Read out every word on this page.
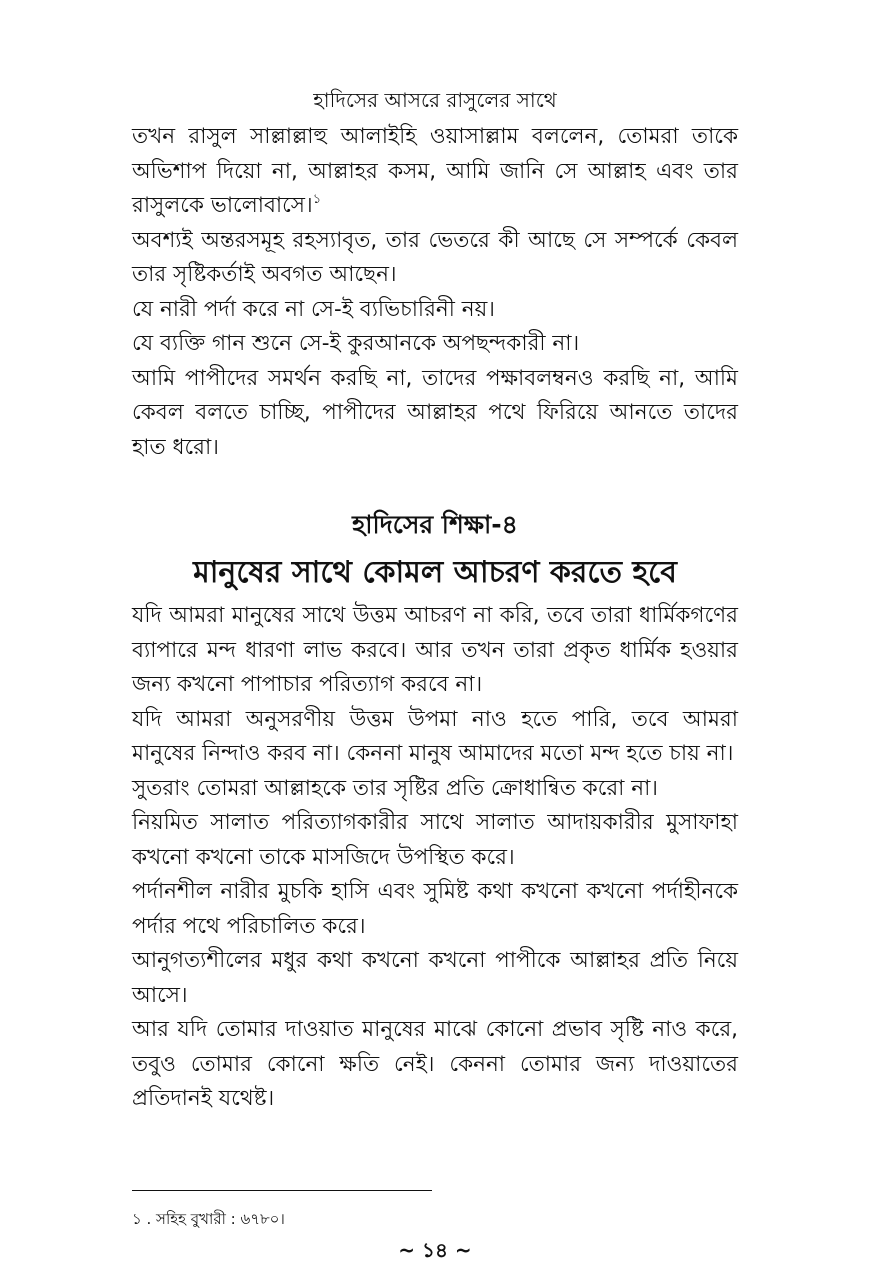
হাদিসের আসরে রাসুলের সাথে

তখন রাসুল সাল্লাল্লাহু আলাইহি ওয়াসাল্লাম বললেন, তোমরা তাকে অভিশাপ দিয়ো না, আল্লাহর কসম, আমি জানি সে আল্লাহ এবং তার রাসুলকে ভালোবাসে।$^১$

অবশ্যই অন্তরসমূহ রহস্যাবৃত, তার ভেতরে কী আছে সে সম্পর্কে কেবল তার সৃষ্টিকর্তাই অবগত আছেন।

যে নারী পর্দা করে না সে-ই ব্যভিচারিনী নয়।

যে ব্যক্তি গান শুনে সে-ই কুরআনকে অপছন্দকারী না।

আমি পাপীদের সমর্থন করছি না, তাদের পক্ষাবলম্বনও করছি না, আমি কেবল বলতে চাচ্ছি, পাপীদের আল্লাহর পথে ফিরিয়ে আনতে তাদের হাত ধরো।

হাদিসের শিক্ষা-৪
মানুষের সাথে কোমল আচরণ করতে হবে

যদি আমরা মানুষের সাথে উত্তম আচরণ না করি, তবে তারা ধার্মিকগণের ব্যাপারে মন্দ ধারণা লাভ করবে। আর তখন তারা প্রকৃত ধার্মিক হওয়ার জন্য কখনো পাপাচার পরিত্যাগ করবে না।

যদি আমরা অনুসরণীয় উত্তম উপমা নাও হতে পারি, তবে আমরা মানুষের নিন্দাও করব না। কেননা মানুষ আমাদের মতো মন্দ হতে চায় না।

সুতরাং তোমরা আল্লাহকে তার সৃষ্টির প্রতি ক্রোধান্বিত করো না।

নিয়মিত সালাত পরিত্যাগকারীর সাথে সালাত আদায়কারীর মুসাফাহা কখনো কখনো তাকে মাসজিদে উপস্থিত করে।

পর্দানশীল নারীর মুচকি হাসি এবং সুমিষ্ট কথা কখনো কখনো পর্দাহীনকে পর্দার পথে পরিচালিত করে।

আনুগত্যশীলের মধুর কথা কখনো কখনো পাপীকে আল্লাহর প্রতি নিয়ে আসে।

আর যদি তোমার দাওয়াত মানুষের মাঝে কোনো প্রভাব সৃষ্টি নাও করে, তবুও তোমার কোনো ক্ষতি নেই। কেননা তোমার জন্য দাওয়াতের প্রতিদানই যথেষ্ট।

১ . সহিহ বুখারী : ৬৭৮০।
~ ১৪ ~
